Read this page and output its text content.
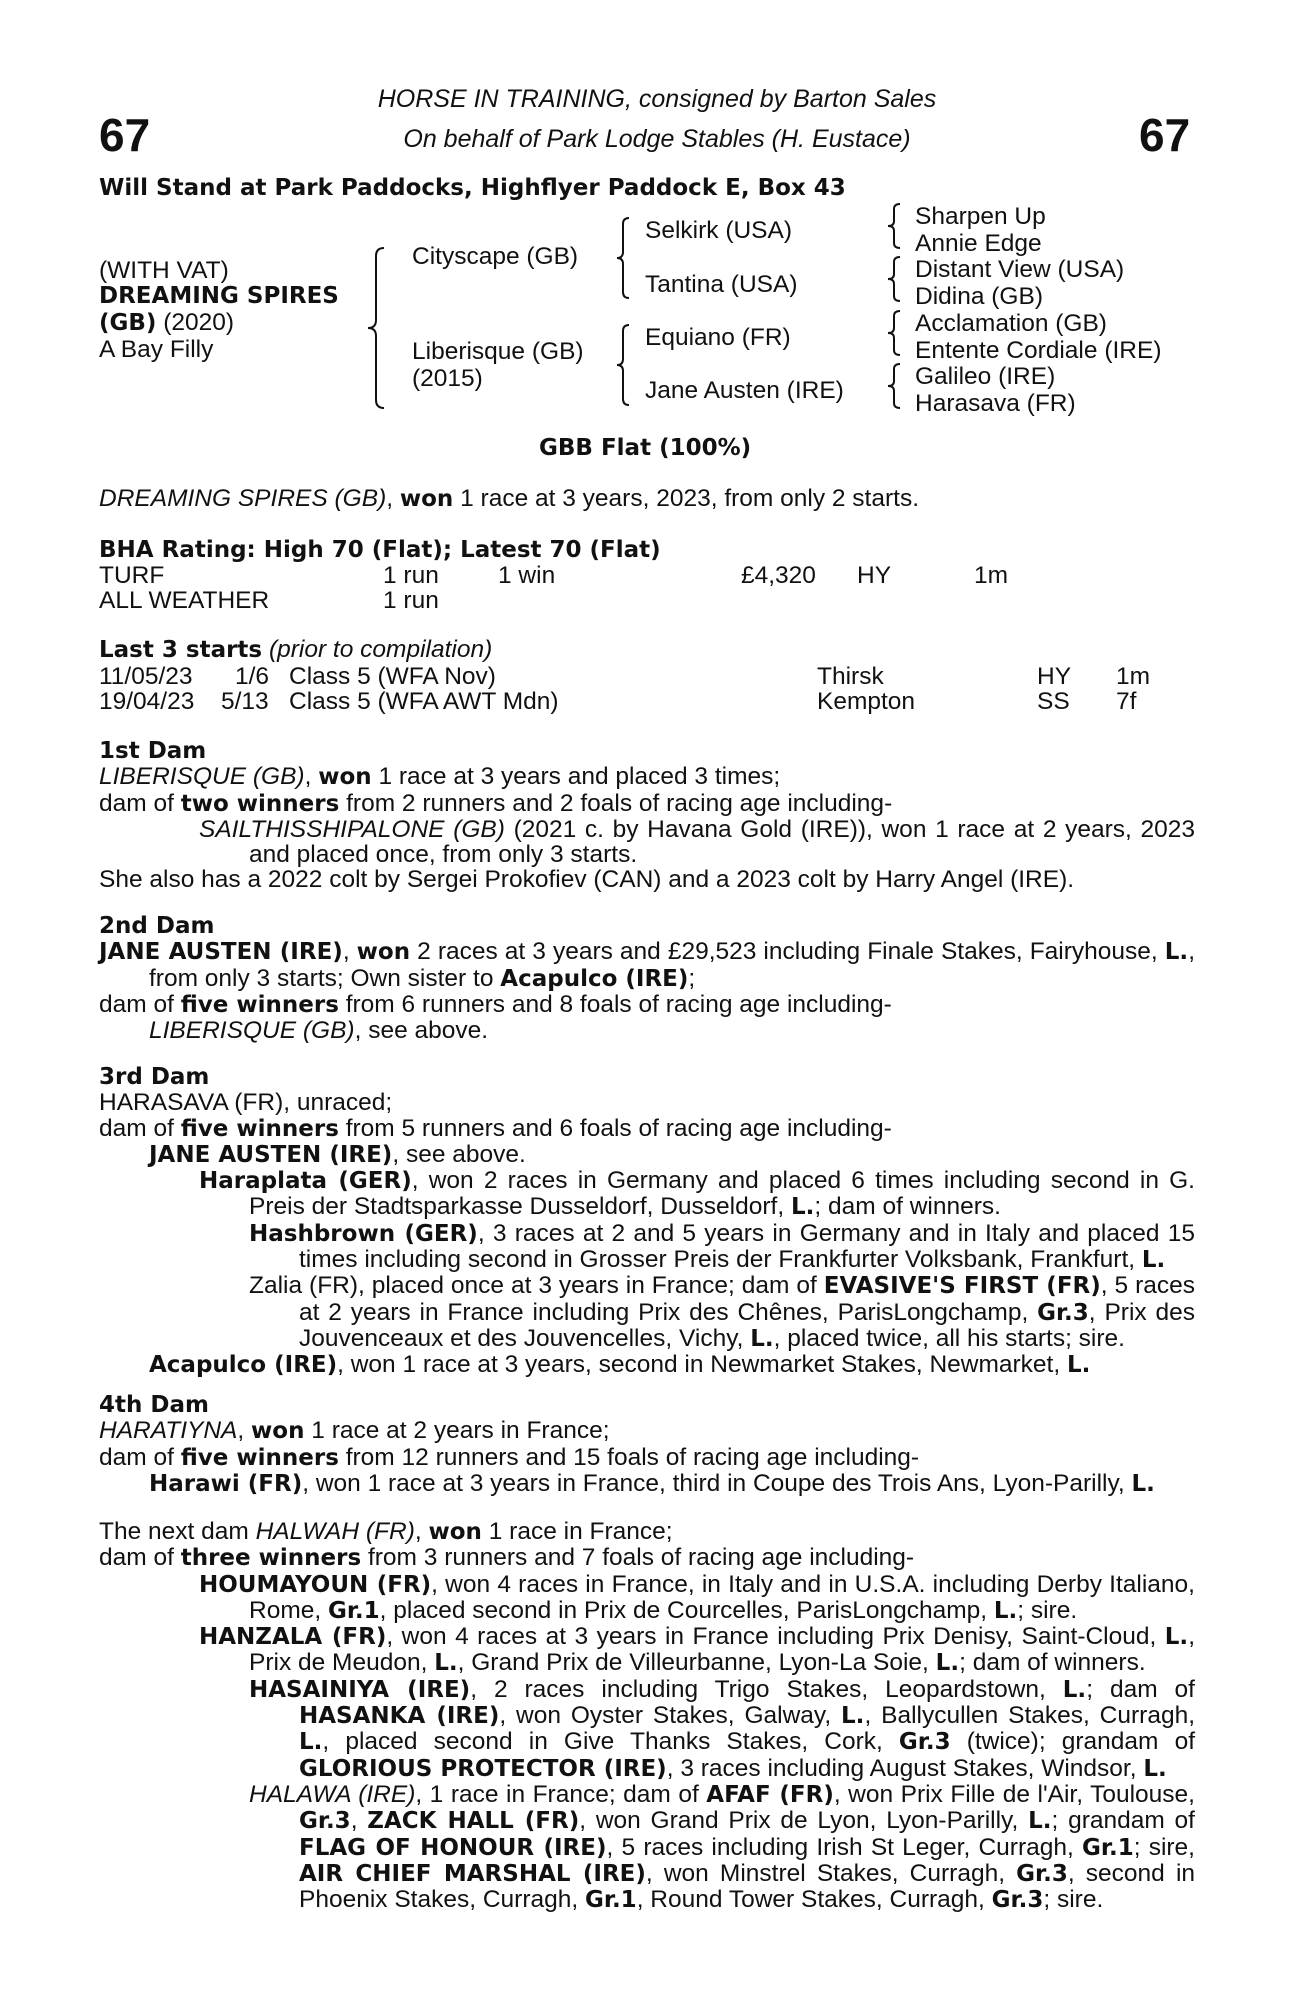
67	67
HORSE IN TRAINING, consigned by Barton Sales
On behalf of Park Lodge Stables (H. Eustace)
Will Stand at Park Paddocks, Highflyer Paddock E, Box 43
(WITH VAT)
DREAMING SPIRES
(GB) (2020)
A Bay Filly
Cityscape (GB)
Liberisque (GB)
(2015)
Selkirk (USA)
Tantina (USA)
Equiano (FR)
Jane Austen (IRE)
Sharpen Up
Annie Edge
Distant View (USA)
Didina (GB)
Acclamation (GB)
Entente Cordiale (IRE)
Galileo (IRE)
Harasava (FR)
GBB Flat (100%)
DREAMING SPIRES (GB), won 1 race at 3 years, 2023, from only 2 starts.
BHA Rating: High 70 (Flat); Latest 70 (Flat)
TURF	1 run 1 win	£4,320 HY	1m
ALL WEATHER	1 run
Last 3 starts (prior to compilation)
11/05/23 1/6 Class 5 (WFA Nov)	Thirsk	HY 1m
19/04/23 5/13 Class 5 (WFA AWT Mdn)	Kempton	SS 7f

1st Dam

LIBERISQUE (GB), won 1 race at 3 years and placed 3 times;

dam of two winners from 2 runners and 2 foals of racing age including-

SAILTHISSHIPALONE (GB) (2021 c. by Havana Gold (IRE)), won 1 race at 2 years, 2023 and placed once, from only 3 starts.

She also has a 2022 colt by Sergei Prokofiev (CAN) and a 2023 colt by Harry Angel (IRE).

2nd Dam

JANE AUSTEN (IRE), won 2 races at 3 years and £29,523 including Finale Stakes, Fairyhouse, L., from only 3 starts; Own sister to Acapulco (IRE);

dam of five winners from 6 runners and 8 foals of racing age including-

LIBERISQUE (GB), see above.

3rd Dam

HARASAVA (FR), unraced;

dam of five winners from 5 runners and 6 foals of racing age including-

JANE AUSTEN (IRE), see above.

Haraplata (GER), won 2 races in Germany and placed 6 times including second in G. Preis der Stadtsparkasse Dusseldorf, Dusseldorf, L.; dam of winners.

Hashbrown (GER), 3 races at 2 and 5 years in Germany and in Italy and placed 15 times including second in Grosser Preis der Frankfurter Volksbank, Frankfurt, L.

Zalia (FR), placed once at 3 years in France; dam of EVASIVE'S FIRST (FR), 5 races at 2 years in France including Prix des Chênes, ParisLongchamp, Gr.3, Prix des Jouvenceaux et des Jouvencelles, Vichy, L., placed twice, all his starts; sire.

Acapulco (IRE), won 1 race at 3 years, second in Newmarket Stakes, Newmarket, L.

4th Dam

HARATIYNA, won 1 race at 2 years in France;

dam of five winners from 12 runners and 15 foals of racing age including-

Harawi (FR), won 1 race at 3 years in France, third in Coupe des Trois Ans, Lyon-Parilly, L.

The next dam HALWAH (FR), won 1 race in France;

dam of three winners from 3 runners and 7 foals of racing age including-

HOUMAYOUN (FR), won 4 races in France, in Italy and in U.S.A. including Derby Italiano, Rome, Gr.1, placed second in Prix de Courcelles, ParisLongchamp, L.; sire.

HANZALA (FR), won 4 races at 3 years in France including Prix Denisy, Saint-Cloud, L., Prix de Meudon, L., Grand Prix de Villeurbanne, Lyon-La Soie, L.; dam of winners.

HASAINIYA (IRE), 2 races including Trigo Stakes, Leopardstown, L.; dam of HASANKA (IRE), won Oyster Stakes, Galway, L., Ballycullen Stakes, Curragh, L., placed second in Give Thanks Stakes, Cork, Gr.3 (twice); grandam of GLORIOUS PROTECTOR (IRE), 3 races including August Stakes, Windsor, L.

HALAWA (IRE), 1 race in France; dam of AFAF (FR), won Prix Fille de l'Air, Toulouse, Gr.3, ZACK HALL (FR), won Grand Prix de Lyon, Lyon-Parilly, L.; grandam of FLAG OF HONOUR (IRE), 5 races including Irish St Leger, Curragh, Gr.1; sire, AIR CHIEF MARSHAL (IRE), won Minstrel Stakes, Curragh, Gr.3, second in Phoenix Stakes, Curragh, Gr.1, Round Tower Stakes, Curragh, Gr.3; sire.
